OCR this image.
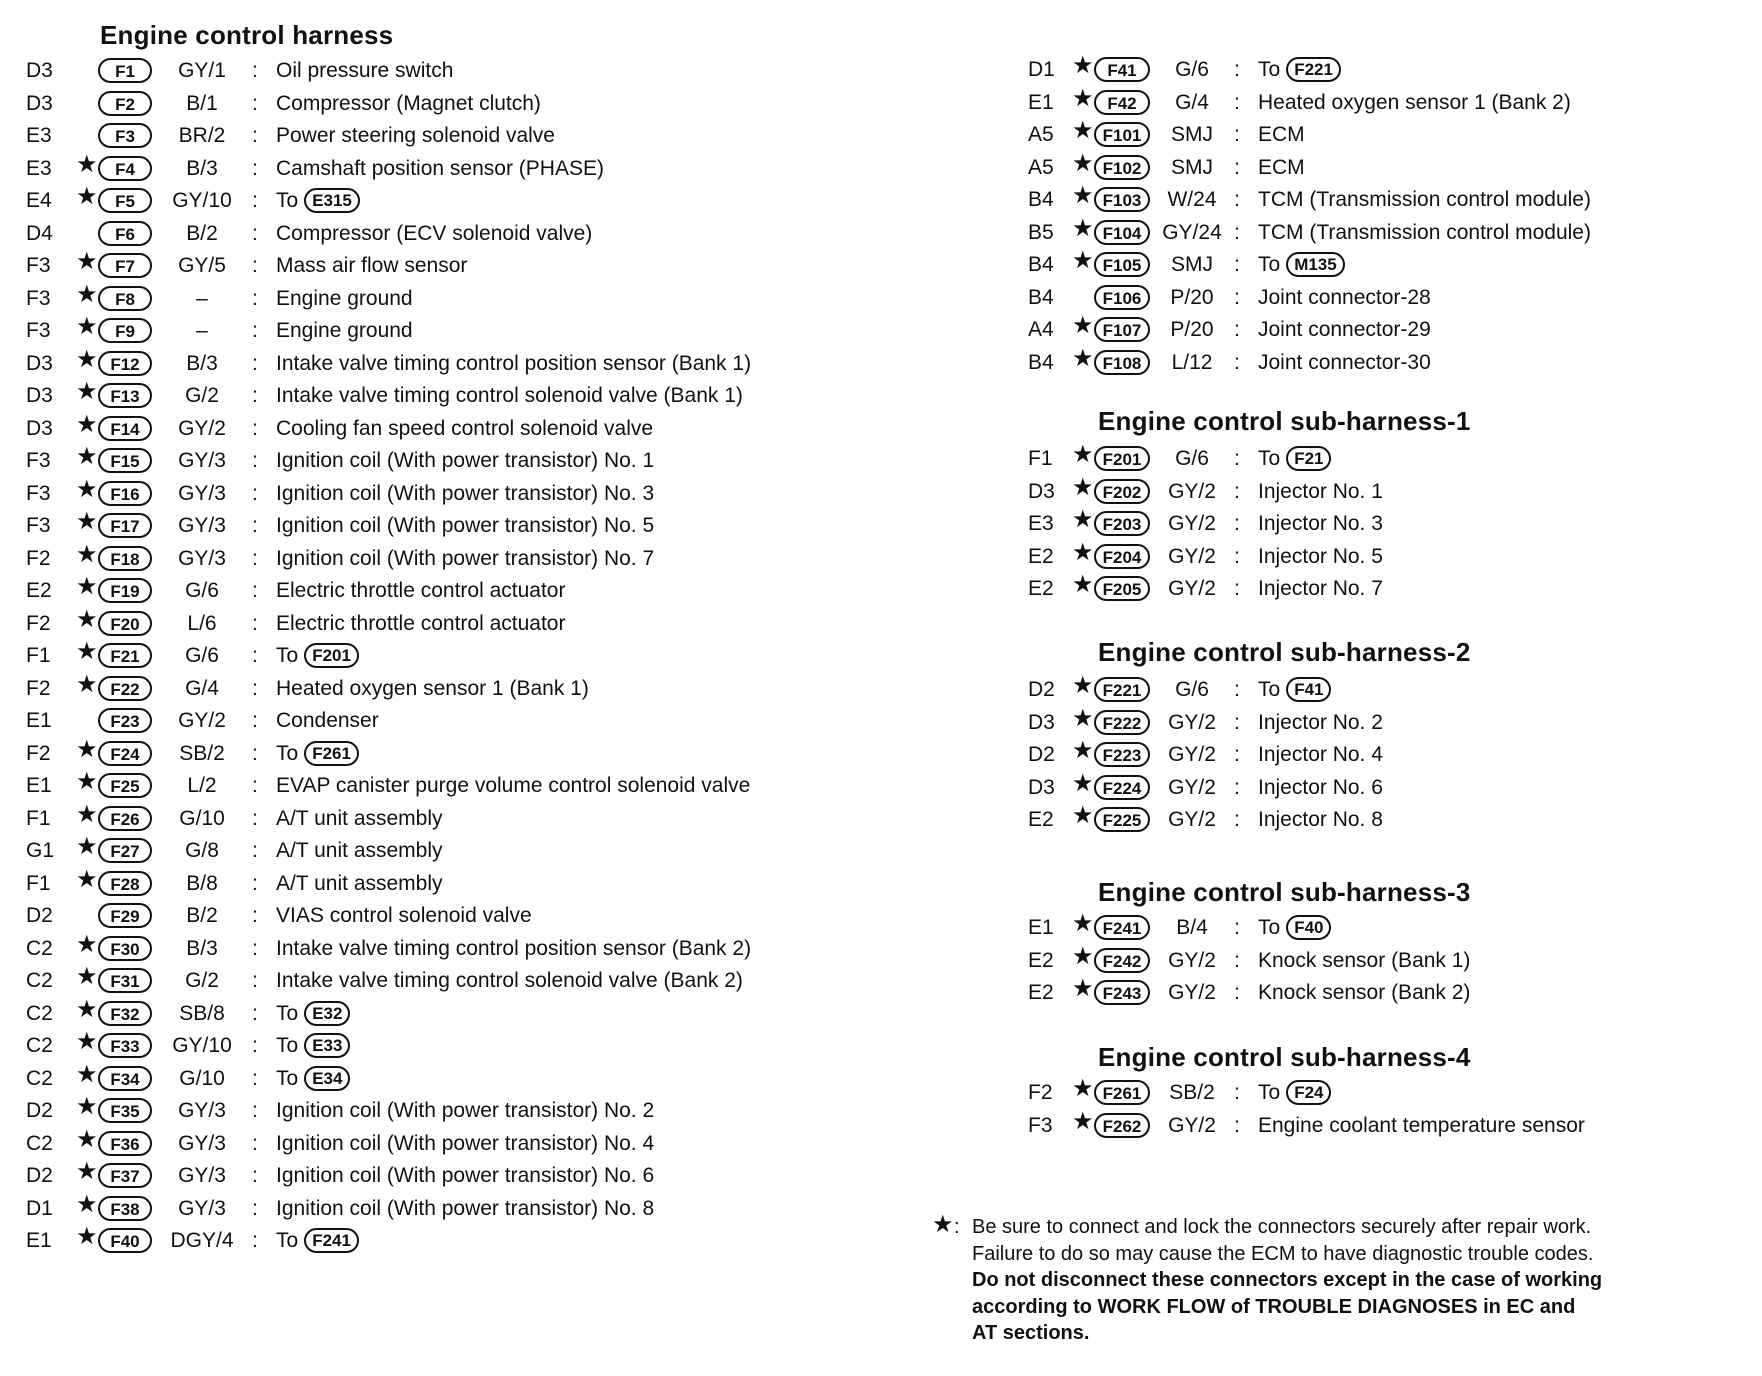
Engine control harness
Engine control sub-harness-1
Engine control sub-harness-2
Engine control sub-harness-3
Engine control sub-harness-4
D3	F1	GY/1	: Oil pressure switch
D3	F2	B/1	: Compressor (Magnet clutch)
E3	F3	BR/2	: Power steering solenoid valve
E3 ★	F4	B/3	: Camshaft position sensor (PHASE)
E4 ★	F5	GY/10 : To E315
D4	F6	B/2	: Compressor (ECV solenoid valve)
F3 ★	F7	GY/5	: Mass air flow sensor
F3 ★	F8	–	: Engine ground
F3 ★	F9	–	: Engine ground
D3 ★ F12	B/3	: Intake valve timing control position sensor (Bank 1)
D3 ★ F13	G/2	: Intake valve timing control solenoid valve (Bank 1)
D3 ★ F14	GY/2	: Cooling fan speed control solenoid valve
F3 ★ F15	GY/3	: Ignition coil (With power transistor) No. 1
F3 ★ F16	GY/3	: Ignition coil (With power transistor) No. 3
F3 ★ F17	GY/3	: Ignition coil (With power transistor) No. 5
F2 ★ F18	GY/3	: Ignition coil (With power transistor) No. 7
E2 ★ F19	G/6	: Electric throttle control actuator
F2 ★ F20	L/6	: Electric throttle control actuator
F1 ★ F21	G/6	: To F201
F2 ★ F22	G/4	: Heated oxygen sensor 1 (Bank 1)
E1	F23	GY/2	: Condenser
F2 ★ F24	SB/2	: To F261
E1 ★ F25	L/2	: EVAP canister purge volume control solenoid valve
F1 ★ F26	G/10	: A/T unit assembly
G1 ★ F27	G/8	: A/T unit assembly
F1 ★ F28	B/8	: A/T unit assembly
D2	F29	B/2	: VIAS control solenoid valve
C2 ★ F30	B/3	: Intake valve timing control position sensor (Bank 2)
C2 ★ F31	G/2	: Intake valve timing control solenoid valve (Bank 2)
C2 ★ F32	SB/8	: To E32
C2 ★ F33	GY/10 : To E33
C2 ★ F34	G/10	: To E34
D2 ★ F35	GY/3	: Ignition coil (With power transistor) No. 2
C2 ★ F36	GY/3	: Ignition coil (With power transistor) No. 4
D2 ★ F37	GY/3	: Ignition coil (With power transistor) No. 6
D1 ★ F38	GY/3	: Ignition coil (With power transistor) No. 8
E1 ★ F40	DGY/4 : To F241
D1 ★ F41	G/6	: To F221
E1 ★ F42	G/4	: Heated oxygen sensor 1 (Bank 2)
A5 ★ F101	SMJ	: ECM
A5 ★ F102	SMJ	: ECM
B4 ★ F103	W/24 : TCM (Transmission control module)
B5 ★ F104 GY/24 : TCM (Transmission control module)
B4 ★ F105	SMJ	: To M135
B4	F106	P/20 : Joint connector-28
A4 ★ F107	P/20 : Joint connector-29
B4 ★ F108	L/12	: Joint connector-30
F1 ★ F201	G/6	: To F21
D3 ★ F202	GY/2 : Injector No. 1
E3 ★ F203	GY/2 : Injector No. 3
E2 ★ F204	GY/2 : Injector No. 5
E2 ★ F205	GY/2 : Injector No. 7
D2 ★ F221	G/6	: To F41
D3 ★ F222	GY/2 : Injector No. 2
D2 ★ F223	GY/2 : Injector No. 4
D3 ★ F224	GY/2 : Injector No. 6
E2 ★ F225	GY/2 : Injector No. 8
E1 ★ F241	B/4	: To F40
E2 ★ F242	GY/2 : Knock sensor (Bank 1)
E2 ★ F243	GY/2 : Knock sensor (Bank 2)
F2 ★ F261	SB/2 : To F24
F3 ★ F262	GY/2 : Engine coolant temperature sensor
★ : Be sure to connect and lock the connectors securely after repair work.
Failure to do so may cause the ECM to have diagnostic trouble codes.
Do not disconnect these connectors except in the case of working
according to WORK FLOW of TROUBLE DIAGNOSES in EC and
AT sections.
